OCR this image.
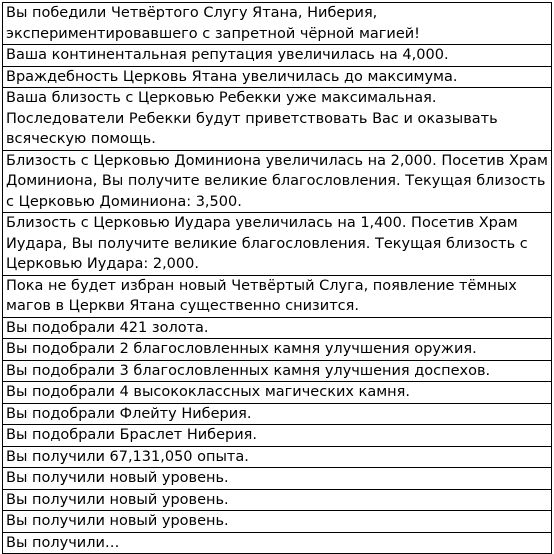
Вы победили Четвёртого Слугу Ятана, Ниберия, экспериментировавшего с запретной чёрной магией!
Ваша континентальная репутация увеличилась на 4,000.
Враждебность Церковь Ятана увеличилась до максимума.
Ваша близость с Церковью Ребекки уже максимальная. Последователи Ребекки будут приветствовать Вас и оказывать всяческую помощь.
Близость с Церковью Доминиона увеличилась на 2,000. Посетив Храм Доминиона, Вы получите великие благословления. Текущая близость с Церковью Доминиона: 3,500.
Близость с Церковью Иудара увеличилась на 1,400. Посетив Храм Иудара, Вы получите великие благословления. Текущая близость с Церковью Иудара: 2,000.
Пока не будет избран новый Четвёртый Слуга, появление тёмных магов в Церкви Ятана существенно снизится.
Вы подобрали 421 золота.
Вы подобрали 2 благословленных камня улучшения оружия.
Вы подобрали 3 благословленных камня улучшения доспехов.
Вы подобрали 4 высококлассных магических камня.
Вы подобрали Флейту Ниберия.
Вы подобрали Браслет Ниберия.
Вы получили 67,131,050 опыта.
Вы получили новый уровень.
Вы получили новый уровень.
Вы получили новый уровень.
Вы получили…
